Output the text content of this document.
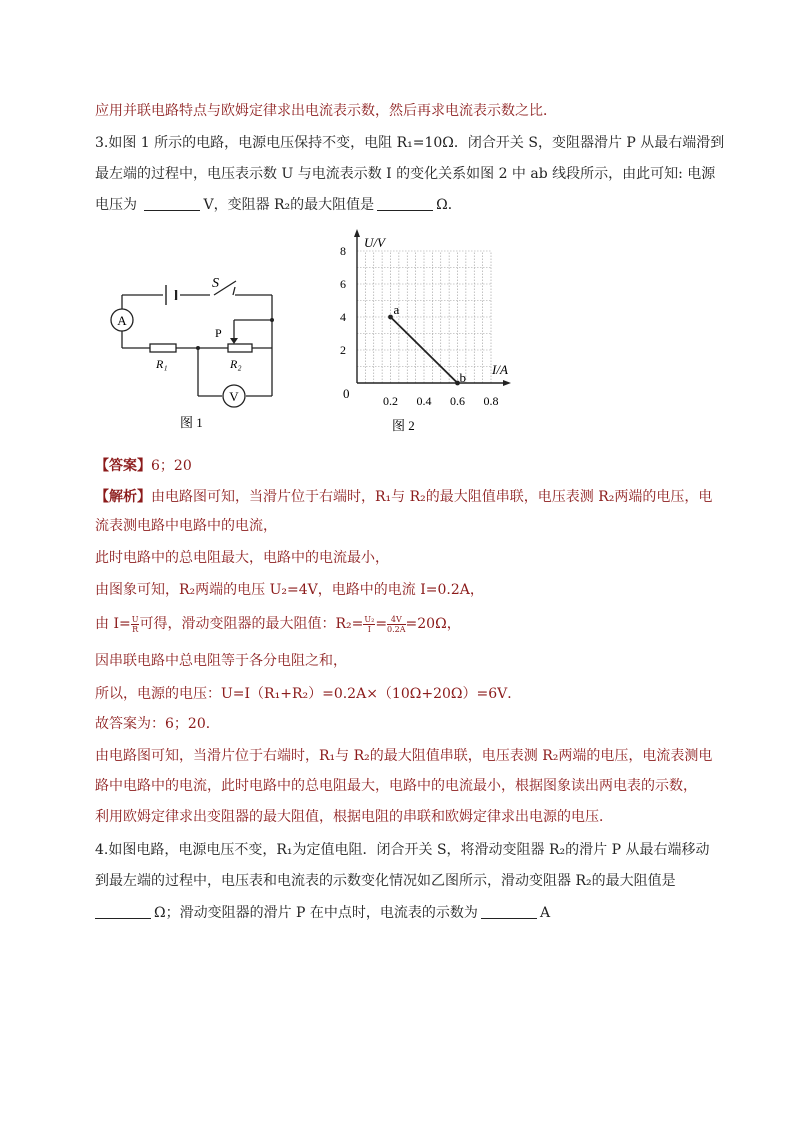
应用并联电路特点与欧姆定律求出电流表示数，然后再求电流表示数之比．
3.如图 1 所示的电路，电源电压保持不变，电阻 R₁=10Ω．闭合开关 S，变阻器滑片 P 从最右端滑到
最左端的过程中，电压表示数 U 与电流表示数 I 的变化关系如图 2 中 ab 线段所示，由此可知: 电源
电压为	V，变阻器 R₂的最大阻值是	Ω．
A
V
S
P
R₁	R₂
图 1
0.2 0.4 0.6 0.8
2
4
6
8
a
b
U/V
I/A
0
图 2
【答案】6；20
【解析】由电路图可知，当滑片位于右端时，R₁与 R₂的最大阻值串联，电压表测 R₂两端的电压，电
流表测电路中电路中的电流，
此时电路中的总电阻最大，电路中的电流最小，
由图象可知，R₂两端的电压 U₂=4V，电路中的电流 I=0.2A，
由 $I= \frac{U}{R}$ 可得，滑动变阻器的最大阻值：$R_2= \frac{\text{U₂}}{I} = \frac{4V}{0.2A} =20\Omega$，
因串联电路中总电阻等于各分电阻之和，
所以，电源的电压：U=I（R₁+R₂）=0.2A×（10Ω+20Ω）=6V．
故答案为：6；20．
由电路图可知，当滑片位于右端时，R₁与 R₂的最大阻值串联，电压表测 R₂两端的电压，电流表测电
路中电路中的电流，此时电路中的总电阻最大，电路中的电流最小，根据图象读出两电表的示数，
利用欧姆定律求出变阻器的最大阻值，根据电阻的串联和欧姆定律求出电源的电压．
4.如图电路，电源电压不变，R₁为定值电阻．闭合开关 S，将滑动变阻器 R₂的滑片 P 从最右端移动
到最左端的过程中，电压表和电流表的示数变化情况如乙图所示，滑动变阻器 R₂的最大阻值是
Ω；滑动变阻器的滑片 P 在中点时，电流表的示数为	A
